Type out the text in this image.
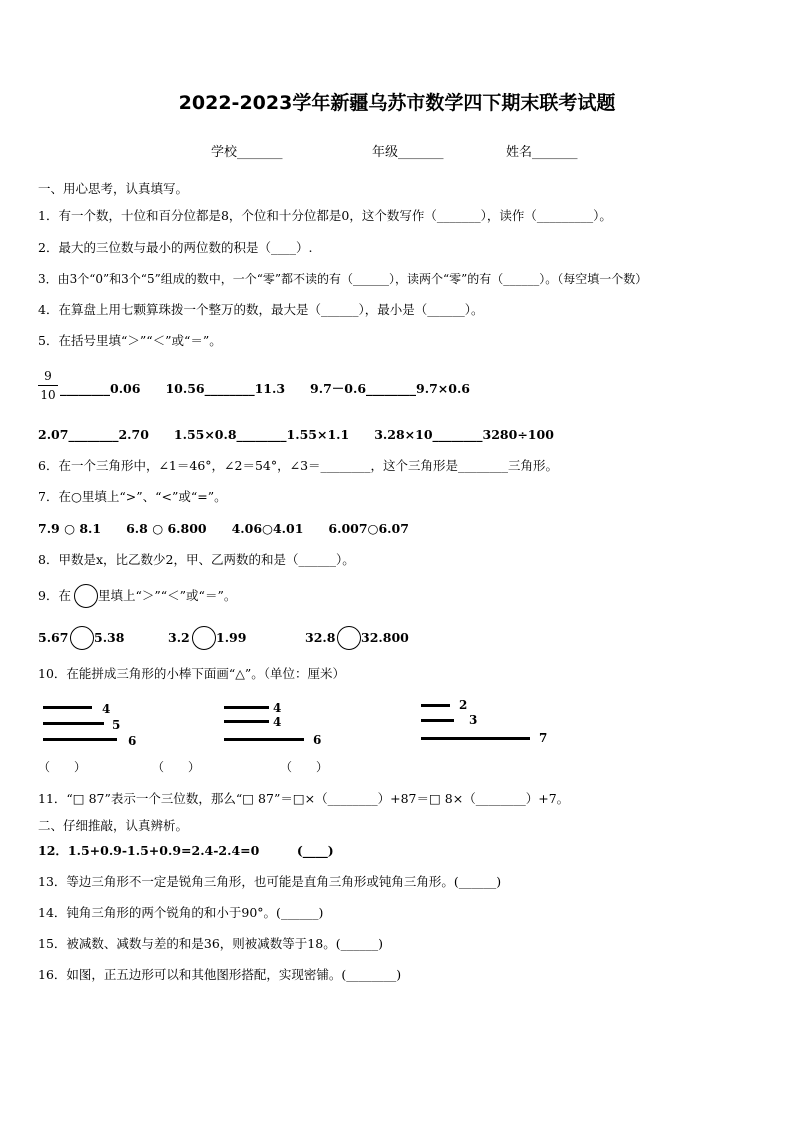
2022-2023学年新疆乌苏市数学四下期末联考试题
学校_______	年级_______	姓名_______
一、用心思考，认真填写。
1．有一个数，十位和百分位都是8，个位和十分位都是0，这个数写作（_______），读作（_________）。
2．最大的三位数与最小的两位数的积是（____）.
3．由3个“0”和3个“5”组成的数中，一个“零”都不读的有（______），读两个“零”的有（______）。（每空填一个数）
4．在算盘上用七颗算珠拨一个整万的数，最大是（______），最小是（______）。
5．在括号里填“＞”“＜”或“＝”。
9
10 ________0.06　　10.56________11.3　　9.7－0.6________9.7×0.6
2.07________2.70　　1.55×0.8________1.55×1.1　　3.28×10________3280÷100
6．在一个三角形中，∠1＝46°，∠2＝54°，∠3＝________，这个三角形是________三角形。
7．在○里填上“>”、“<”或“=”。
7.9 ○ 8.1　　6.8 ○ 6.800　　4.06○4.01　　6.007○6.07
8．甲数是x，比乙数少2，甲、乙两数的和是（______）。
9．在 里填上“＞”“＜”或“＝”。
5.67 5.38	3.2 1.99	32.8 32.800
10．在能拼成三角形的小棒下面画“△”。（单位：厘米）
4
5
6
4
4
6
2
3
7
（　　）	（　　）	（　　）
11．“□ 87”表示一个三位数，那么“□ 87”＝□×（________）+87＝□ 8×（________）+7。
二、仔细推敲，认真辨析。
12．1.5+0.9-1.5+0.9=2.4-2.4=0　　　(____)
13．等边三角形不一定是锐角三角形，也可能是直角三角形或钝角三角形。(______)
14．钝角三角形的两个锐角的和小于90°。(______)
15．被减数、减数与差的和是36，则被减数等于18。(______)
16．如图，正五边形可以和其他图形搭配，实现密铺。(________)
